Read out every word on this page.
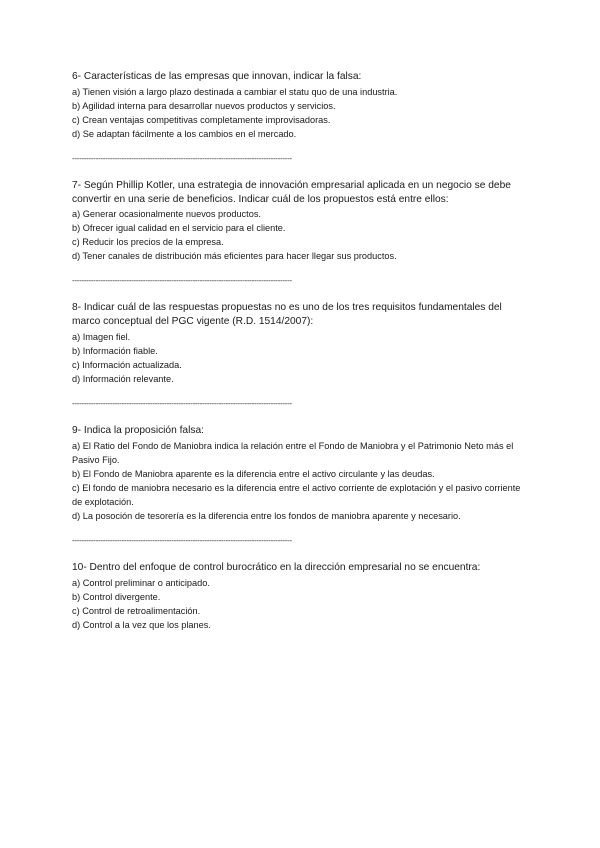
6- Características de las empresas que innovan, indicar la falsa:

a) Tienen visión a largo plazo destinada a cambiar el statu quo de una industria.

b) Agilidad interna para desarrollar nuevos productos y servicios.

c) Crean ventajas competitivas completamente improvisadoras.

d) Se adaptan fácilmente a los cambios en el mercado.

---------------------------------------------------------------------------------------------

7- Según Phillip Kotler, una estrategia de innovación empresarial aplicada en un negocio se debe convertir en una serie de beneficios. Indicar cuál de los propuestos está entre ellos:

a) Generar ocasionalmente nuevos productos.

b) Ofrecer igual calidad en el servicio para el cliente.

c) Reducir los precios de la empresa.

d) Tener canales de distribución más eficientes para hacer llegar sus productos.

---------------------------------------------------------------------------------------------

8- Indicar cuál de las respuestas propuestas no es uno de los tres requisitos fundamentales del marco conceptual del PGC vigente (R.D. 1514/2007):

a) Imagen fiel.

b) Información fiable.

c) Información actualizada.

d) Información relevante.

---------------------------------------------------------------------------------------------

9- Indica la proposición falsa:

a) El Ratio del Fondo de Maniobra indica la relación entre el Fondo de Maniobra y el Patrimonio Neto más el Pasivo Fijo.

b) El Fondo de Maniobra aparente es la diferencia entre el activo circulante y las deudas.

c) El fondo de maniobra necesario es la diferencia entre el activo corriente de explotación y el pasivo corriente de explotación.

d) La posoción de tesorería es la diferencia entre los fondos de maniobra aparente y necesario.

---------------------------------------------------------------------------------------------

10- Dentro del enfoque de control burocrático en la dirección empresarial no se encuentra:

a) Control preliminar o anticipado.

b) Control divergente.

c) Control de retroalimentación.

d) Control a la vez que los planes.
